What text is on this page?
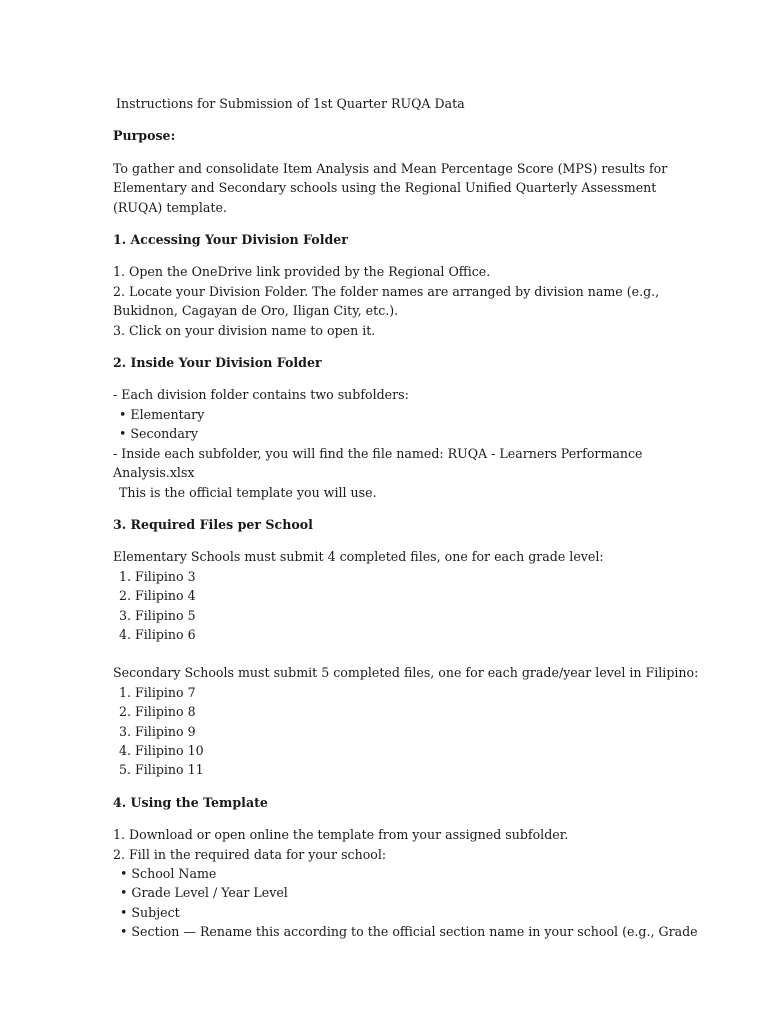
Instructions for Submission of 1st Quarter RUQA Data
Purpose:
To gather and consolidate Item Analysis and Mean Percentage Score (MPS) results for
Elementary and Secondary schools using the Regional Unified Quarterly Assessment
(RUQA) template.
1. Accessing Your Division Folder
1. Open the OneDrive link provided by the Regional Office.
2. Locate your Division Folder. The folder names are arranged by division name (e.g.,
Bukidnon, Cagayan de Oro, Iligan City, etc.).
3. Click on your division name to open it.
2. Inside Your Division Folder
- Each division folder contains two subfolders:
• Elementary
• Secondary
- Inside each subfolder, you will find the file named: RUQA - Learners Performance
Analysis.xlsx
This is the official template you will use.
3. Required Files per School
Elementary Schools must submit 4 completed files, one for each grade level:
1. Filipino 3
2. Filipino 4
3. Filipino 5
4. Filipino 6
Secondary Schools must submit 5 completed files, one for each grade/year level in Filipino:
1. Filipino 7
2. Filipino 8
3. Filipino 9
4. Filipino 10
5. Filipino 11
4. Using the Template
1. Download or open online the template from your assigned subfolder.
2. Fill in the required data for your school:
• School Name
• Grade Level / Year Level
• Subject
• Section — Rename this according to the official section name in your school (e.g., Grade
